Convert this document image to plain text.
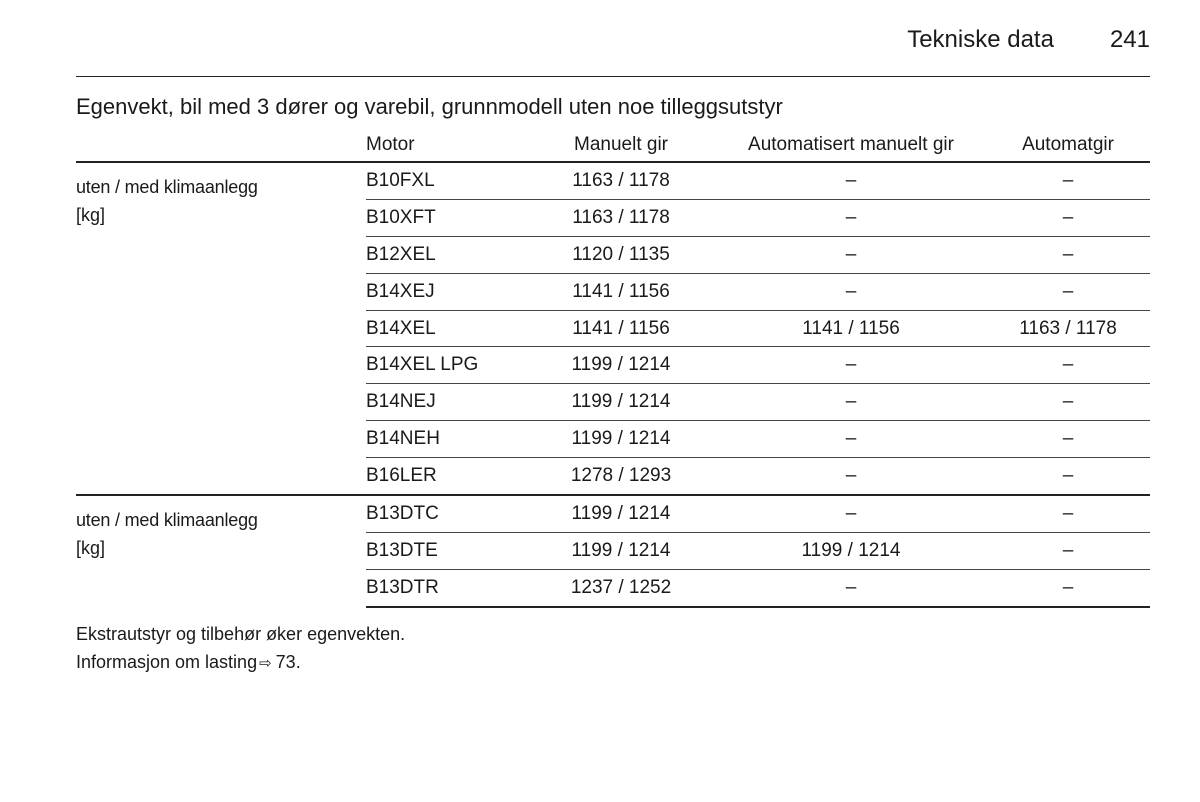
Tekniske data 241
Egenvekt, bil med 3 dører og varebil, grunnmodell uten noe tilleggsutstyr
	Motor	Manuelt gir	Automatisert manuelt gir	Automatgir

uten / med klimaanlegg
[kg]	B10FXL	1163 / 1178	–	–
	B10XFT	1163 / 1178	–	–
	B12XEL	1120 / 1135	–	–
	B14XEJ	1141 / 1156	–	–
	B14XEL	1141 / 1156	1141 / 1156	1163 / 1178
	B14XEL LPG	1199 / 1214	–	–
	B14NEJ	1199 / 1214	–	–
	B14NEH	1199 / 1214	–	–
	B16LER	1278 / 1293	–	–

uten / med klimaanlegg
[kg]	B13DTC	1199 / 1214	–	–
	B13DTE	1199 / 1214	1199 / 1214	–
	B13DTR	1237 / 1252	–	–
Ekstrautstyr og tilbehør øker egenvekten.
Informasjon om lasting ⇨ 73.
